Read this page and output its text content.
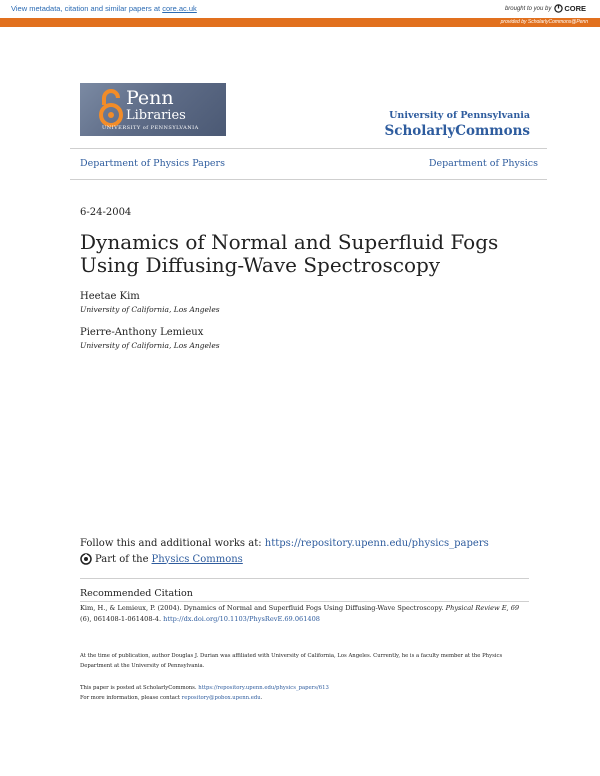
View metadata, citation and similar papers at core.ac.uk	brought to you by CORE
provided by ScholarlyCommons@Penn
Penn
Libraries
UNIVERSITY of PENNSYLVANIA
University of Pennsylvania
ScholarlyCommons
Department of Physics Papers	Department of Physics
6-24-2004
Dynamics of Normal and Superfluid Fogs Using Diffusing-Wave Spectroscopy
Heetae Kim
University of California, Los Angeles
Pierre-Anthony Lemieux
University of California, Los Angeles
Follow this and additional works at: https://repository.upenn.edu/physics_papers
Part of the Physics Commons
Recommended Citation
Kim, H., & Lemieux, P. (2004). Dynamics of Normal and Superfluid Fogs Using Diffusing-Wave Spectroscopy. Physical Review E, 69 (6), 061408-1-061408-4. http://dx.doi.org/10.1103/PhysRevE.69.061408
At the time of publication, author Douglas J. Durian was affiliated with University of California, Los Angeles. Currently, he is a faculty member at the Physics Department at the University of Pennsylvania.
This paper is posted at ScholarlyCommons. https://repository.upenn.edu/physics_papers/613
For more information, please contact repository@pobox.upenn.edu.
